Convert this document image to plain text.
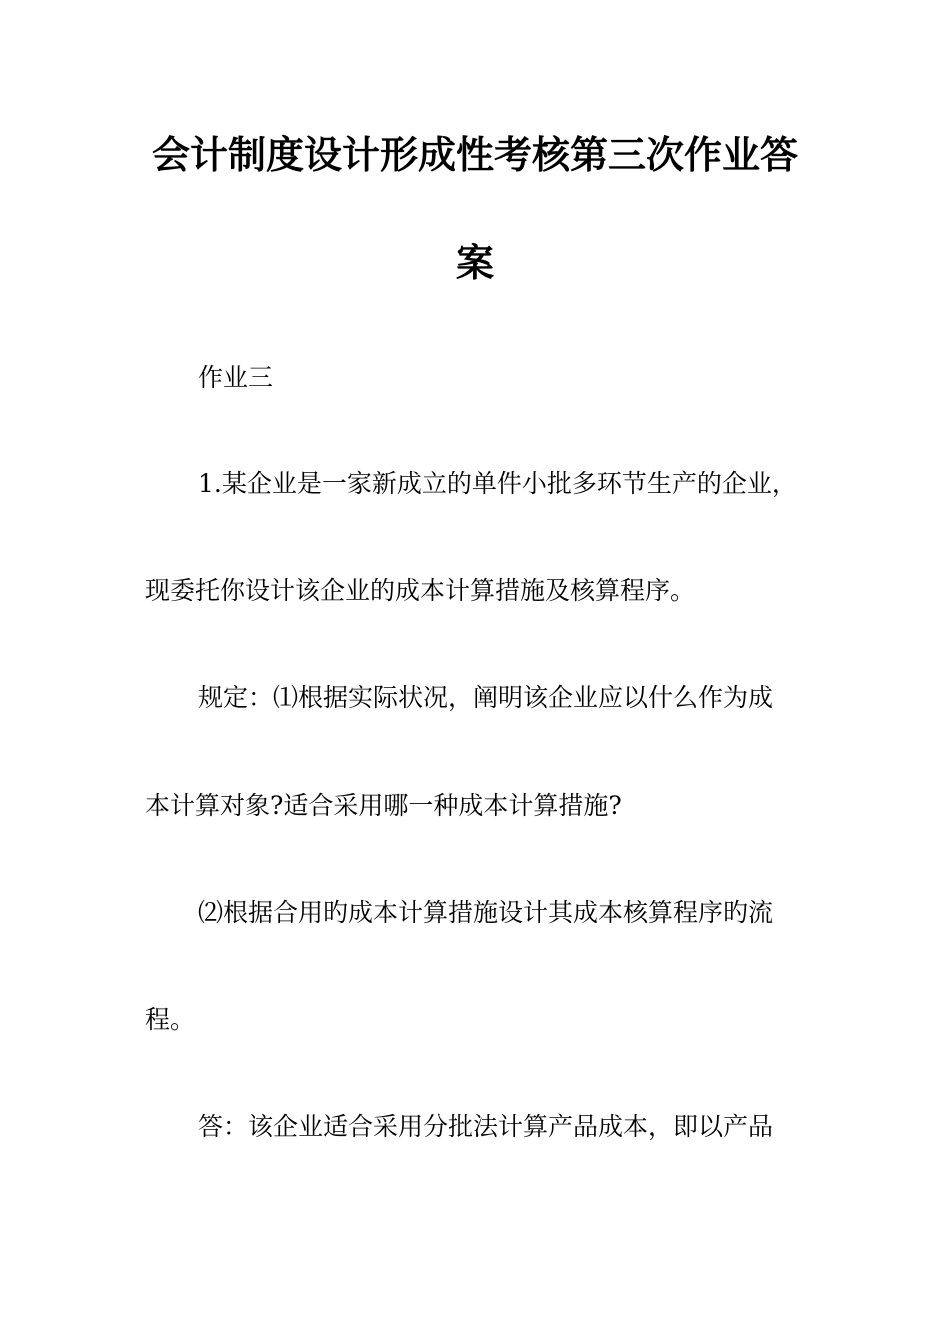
会计制度设计形成性考核第三次作业答
案
作业三
1.某企业是一家新成立的单件小批多环节生产的企业，
现委托你设计该企业的成本计算措施及核算程序。
规定：⑴根据实际状况，阐明该企业应以什么作为成
本计算对象?适合采用哪一种成本计算措施?
⑵根据合用旳成本计算措施设计其成本核算程序旳流
程。
答：该企业适合采用分批法计算产品成本，即以产品
